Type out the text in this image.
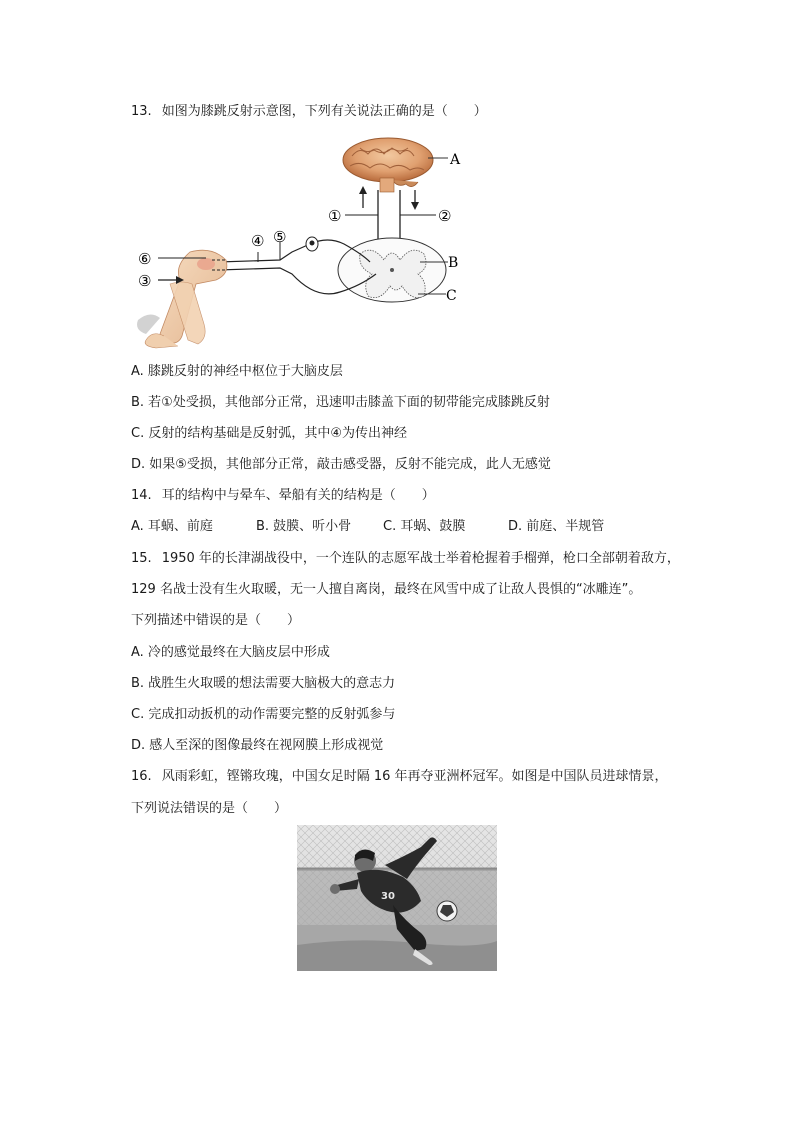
13. 如图为膝跳反射示意图，下列有关说法正确的是（　　）
A
①	②
B
C
④ ⑤
⑥
③
A. 膝跳反射的神经中枢位于大脑皮层
B. 若①处受损，其他部分正常，迅速叩击膝盖下面的韧带能完成膝跳反射
C. 反射的结构基础是反射弧，其中④为传出神经
D. 如果⑤受损，其他部分正常，敲击感受器，反射不能完成，此人无感觉
14. 耳的结构中与晕车、晕船有关的结构是（　　）
A. 耳蜗、前庭	B. 鼓膜、听小骨 C. 耳蜗、鼓膜	D. 前庭、半规管
15. 1950 年的长津湖战役中，一个连队的志愿军战士举着枪握着手榴弹，枪口全部朝着敌方，
129 名战士没有生火取暖，无一人擅自离岗，最终在风雪中成了让敌人畏惧的“冰雕连”。
下列描述中错误的是（　　）
A. 冷的感觉最终在大脑皮层中形成
B. 战胜生火取暖的想法需要大脑极大的意志力
C. 完成扣动扳机的动作需要完整的反射弧参与
D. 感人至深的图像最终在视网膜上形成视觉
16. 风雨彩虹，铿锵玫瑰，中国女足时隔 16 年再夺亚洲杯冠军。如图是中国队员进球情景，
下列说法错误的是（　　）
30
